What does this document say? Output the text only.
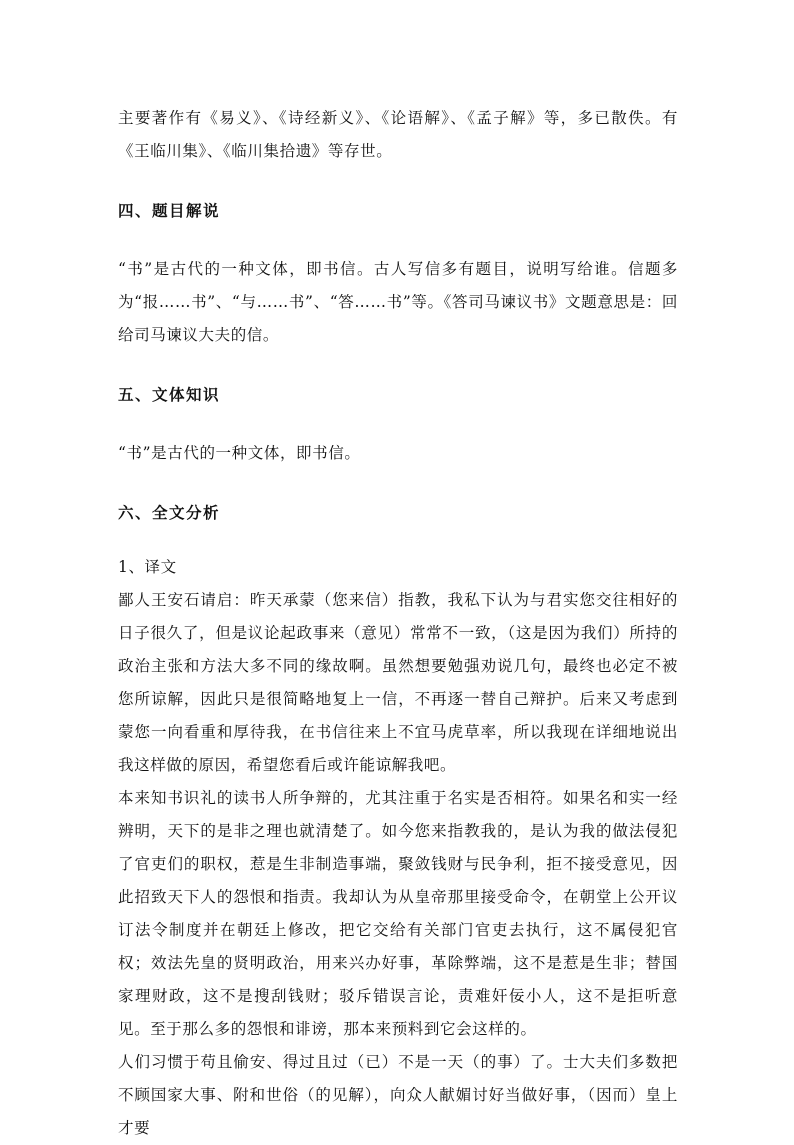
主要著作有《易义》、《诗经新义》、《论语解》、《孟子解》等，多已散佚。有《王临川集》、《临川集拾遗》等存世。

四、题目解说

“书”是古代的一种文体，即书信。古人写信多有题目，说明写给谁。信题多为“报……书”、“与……书”、“答……书”等。《答司马谏议书》文题意思是：回给司马谏议大夫的信。

五、文体知识

“书”是古代的一种文体，即书信。

六、全文分析

1、译文

鄙人王安石请启：昨天承蒙（您来信）指教，我私下认为与君实您交往相好的日子很久了，但是议论起政事来（意见）常常不一致，（这是因为我们）所持的政治主张和方法大多不同的缘故啊。虽然想要勉强劝说几句，最终也必定不被您所谅解，因此只是很简略地复上一信，不再逐一替自己辩护。后来又考虑到蒙您一向看重和厚待我，在书信往来上不宜马虎草率，所以我现在详细地说出我这样做的原因，希望您看后或许能谅解我吧。

本来知书识礼的读书人所争辩的，尤其注重于名实是否相符。如果名和实一经辨明，天下的是非之理也就清楚了。如今您来指教我的，是认为我的做法侵犯了官吏们的职权，惹是生非制造事端，聚敛钱财与民争利，拒不接受意见，因此招致天下人的怨恨和指责。我却认为从皇帝那里接受命令，在朝堂上公开议订法令制度并在朝廷上修改，把它交给有关部门官吏去执行，这不属侵犯官权；效法先皇的贤明政治，用来兴办好事，革除弊端，这不是惹是生非；替国家理财政，这不是搜刮钱财；驳斥错误言论，责难奸佞小人，这不是拒听意见。至于那么多的怨恨和诽谤，那本来预料到它会这样的。

人们习惯于苟且偷安、得过且过（已）不是一天（的事）了。士大夫们多数把不顾国家大事、附和世俗（的见解），向众人献媚讨好当做好事，（因而）皇上才要
